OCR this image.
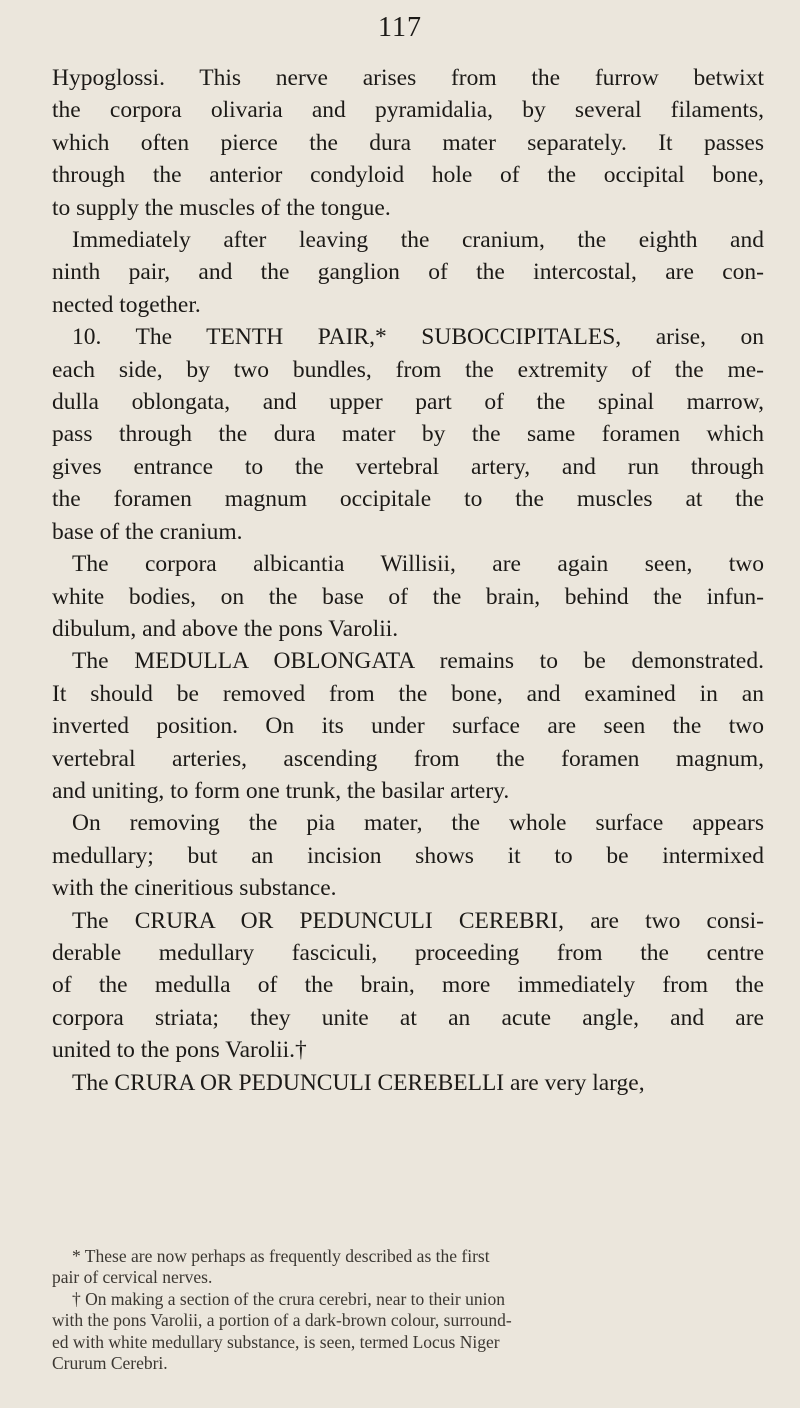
117
Hypoglossi. This nerve arises from the furrow betwixt
the corpora olivaria and pyramidalia, by several filaments,
which often pierce the dura mater separately. It passes
through the anterior condyloid hole of the occipital bone,
to supply the muscles of the tongue.
Immediately after leaving the cranium, the eighth and
ninth pair, and the ganglion of the intercostal, are con-
nected together.
10. The TENTH PAIR,* SUBOCCIPITALES, arise, on
each side, by two bundles, from the extremity of the me-
dulla oblongata, and upper part of the spinal marrow,
pass through the dura mater by the same foramen which
gives entrance to the vertebral artery, and run through
the foramen magnum occipitale to the muscles at the
base of the cranium.
The corpora albicantia Willisii, are again seen, two
white bodies, on the base of the brain, behind the infun-
dibulum, and above the pons Varolii.
The MEDULLA OBLONGATA remains to be demonstrated.
It should be removed from the bone, and examined in an
inverted position. On its under surface are seen the two
vertebral arteries, ascending from the foramen magnum,
and uniting, to form one trunk, the basilar artery.
On removing the pia mater, the whole surface appears
medullary; but an incision shows it to be intermixed
with the cineritious substance.
The CRURA OR PEDUNCULI CEREBRI, are two consi-
derable medullary fasciculi, proceeding from the centre
of the medulla of the brain, more immediately from the
corpora striata; they unite at an acute angle, and are
united to the pons Varolii.†
The CRURA OR PEDUNCULI CEREBELLI are very large,
* These are now perhaps as frequently described as the first
pair of cervical nerves.
† On making a section of the crura cerebri, near to their union
with the pons Varolii, a portion of a dark-brown colour, surround-
ed with white medullary substance, is seen, termed Locus Niger
Crurum Cerebri.
